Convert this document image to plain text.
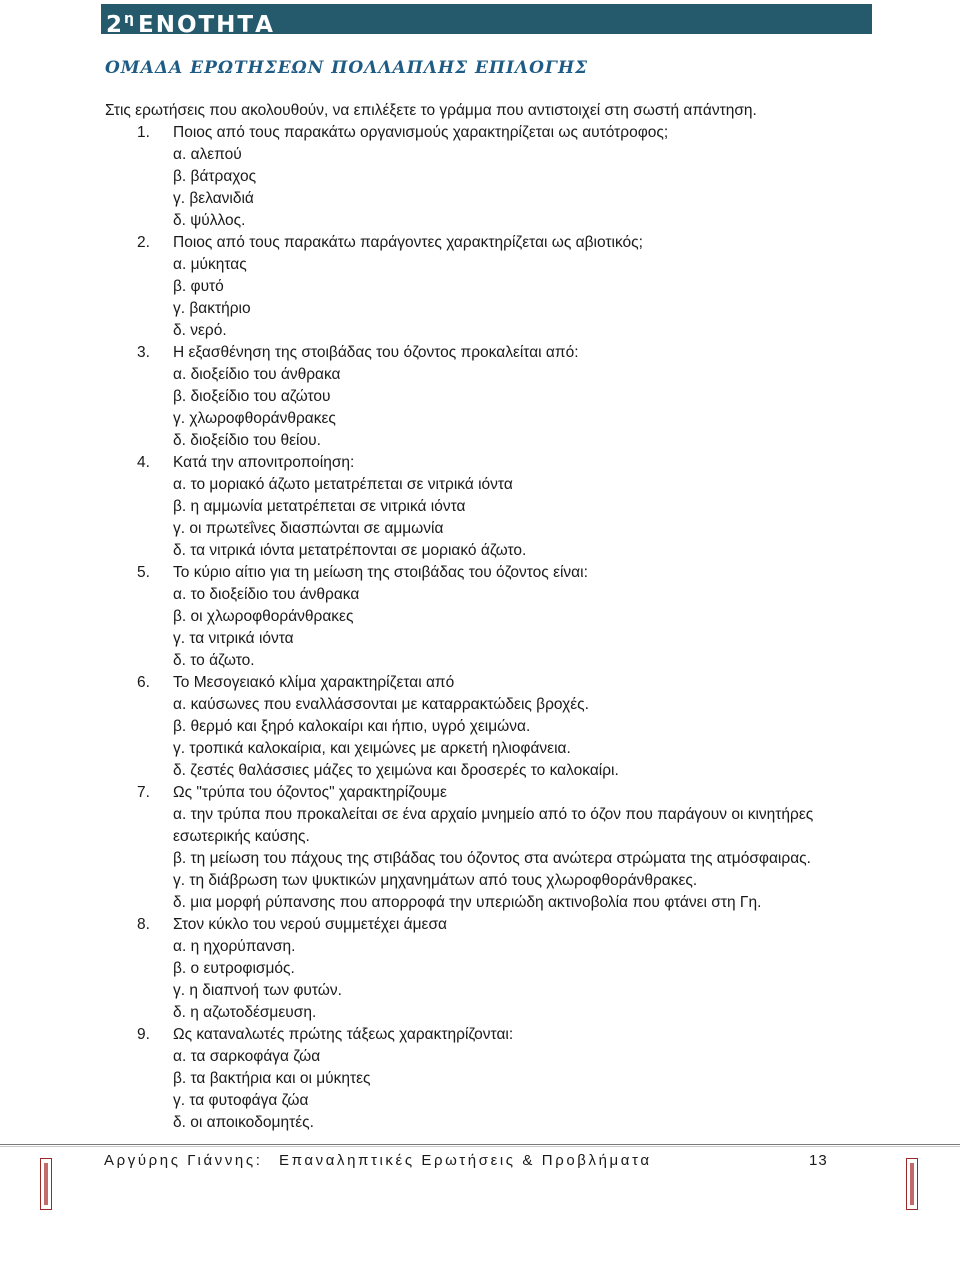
$2^\eta$ ΕΝΟΤΗΤΑ
ΟΜΑΔΑ ΕΡΩΤΗΣΕΩΝ ΠΟΛΛΑΠΛΗΣ ΕΠΙΛΟΓΗΣ
Στις ερωτήσεις που ακολουθούν, να επιλέξετε το γράμμα που αντιστοιχεί στη σωστή απάντηση.
1. Ποιος από τους παρακάτω οργανισμούς χαρακτηρίζεται ως αυτότροφος;
α. αλεπού
β. βάτραχος
γ. βελανιδιά
δ. ψύλλος.
2. Ποιος από τους παρακάτω παράγοντες χαρακτηρίζεται ως αβιοτικός;
α. μύκητας
β. φυτό
γ. βακτήριο
δ. νερό.
3. Η εξασθένηση της στοιβάδας του όζοντος προκαλείται από:
α. διοξείδιο του άνθρακα
β. διοξείδιο του αζώτου
γ. χλωροφθοράνθρακες
δ. διοξείδιο του θείου.
4. Κατά την απονιτροποίηση:
α. το μοριακό άζωτο μετατρέπεται σε νιτρικά ιόντα
β. η αμμωνία μετατρέπεται σε νιτρικά ιόντα
γ. οι πρωτεΐνες διασπώνται σε αμμωνία
δ. τα νιτρικά ιόντα μετατρέπονται σε μοριακό άζωτο.
5. Το κύριο αίτιο για τη μείωση της στοιβάδας του όζοντος είναι:
α. το διοξείδιο του άνθρακα
β. οι χλωροφθοράνθρακες
γ. τα νιτρικά ιόντα
δ. το άζωτο.
6. Το Μεσογειακό κλίμα χαρακτηρίζεται από
α. καύσωνες που εναλλάσσονται με καταρρακτώδεις βροχές.
β. θερμό και ξηρό καλοκαίρι και ήπιο, υγρό χειμώνα.
γ. τροπικά καλοκαίρια, και χειμώνες με αρκετή ηλιοφάνεια.
δ. ζεστές θαλάσσιες μάζες το χειμώνα και δροσερές το καλοκαίρι.
7. Ως "τρύπα του όζοντος" χαρακτηρίζουμε
α. την τρύπα που προκαλείται σε ένα αρχαίο μνημείο από το όζον που παράγουν οι κινητήρες εσωτερικής καύσης.
β. τη μείωση του πάχους της στιβάδας του όζοντος στα ανώτερα στρώματα της ατμόσφαιρας.
γ. τη διάβρωση των ψυκτικών μηχανημάτων από τους χλωροφθοράνθρακες.
δ. μια μορφή ρύπανσης που απορροφά την υπεριώδη ακτινοβολία που φτάνει στη Γη.
8. Στον κύκλο του νερού συμμετέχει άμεσα
α. η ηχορύπανση.
β. ο ευτροφισμός.
γ. η διαπνοή των φυτών.
δ. η αζωτοδέσμευση.
9. Ως καταναλωτές πρώτης τάξεως χαρακτηρίζονται:
α. τα σαρκοφάγα ζώα
β. τα βακτήρια και οι μύκητες
γ. τα φυτοφάγα ζώα
δ. οι αποικοδομητές.
Αργύρης Γιάννης: Επαναληπτικές Ερωτήσεις & Προβλήματα	13
